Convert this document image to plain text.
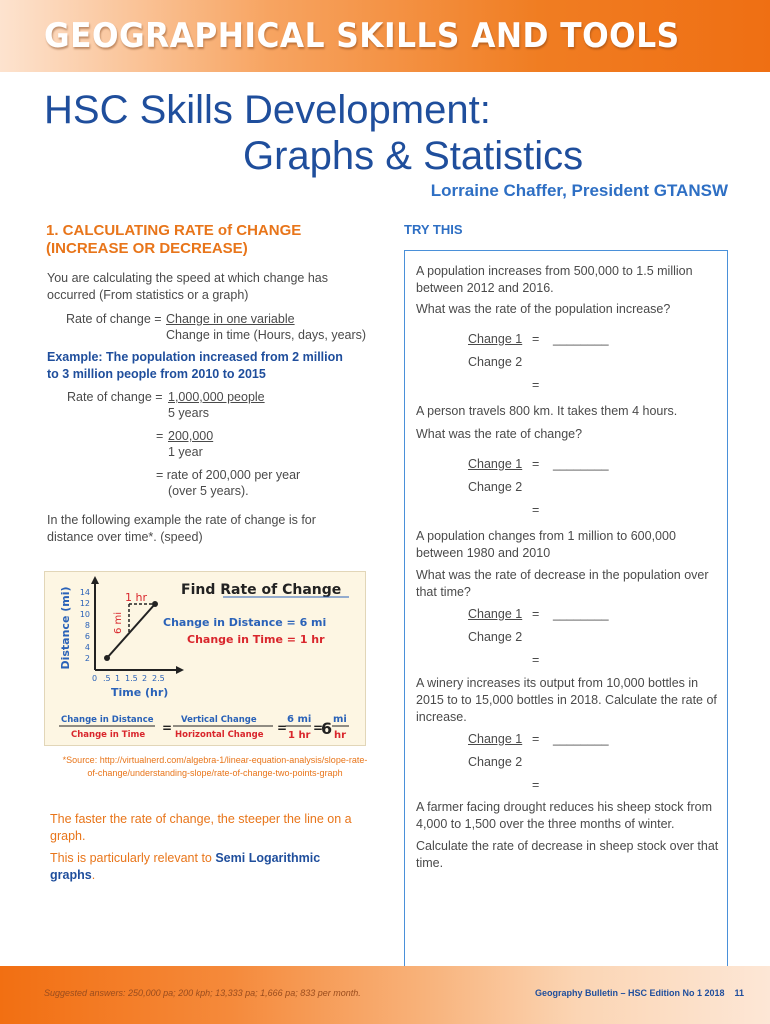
GEOGRAPHICAL SKILLS AND TOOLS
HSC Skills Development:
Graphs & Statistics
Lorraine Chaffer, President GTANSW
1. CALCULATING RATE of CHANGE (INCREASE OR DECREASE)
You are calculating the speed at which change has occurred (From statistics or a graph)
Rate of change = Change in one variable
Change in time (Hours, days, years)
Example: The population increased from 2 million to 3 million people from 2010 to 2015
Rate of change = 1,000,000 people
5 years
= 200,000
1 year
= rate of 200,000 per year
(over 5 years).
In the following example the rate of change is for distance over time*. (speed)
Distance (mi) 14
12
10
8
6
4
2
0 .5 1 1.5 2 2.5
Time (hr)
1 hr
6 mi
Find Rate of Change
Change in Distance = 6 mi
Change in Time = 1 hr
Change in Distance
Change in Time =
Vertical Change
Horizontal Change =
6 mi
1 hr
=
6 mi
hr
*Source: http://virtualnerd.com/algebra-1/linear-equation-analysis/slope-rate-of-change/understanding-slope/rate-of-change-two-points-graph
The faster the rate of change, the steeper the line on a graph.
This is particularly relevant to Semi Logarithmic graphs.
TRY THIS
A population increases from 500,000 to 1.5 million between 2012 and 2016.
What was the rate of the population increase?
Change 1 = ________
Change 2
=
A person travels 800 km. It takes them 4 hours.
What was the rate of change?
Change 1 = ________
Change 2
=
A population changes from 1 million to 600,000 between 1980 and 2010
What was the rate of decrease in the population over that time?
Change 1 = ________
Change 2
=
A winery increases its output from 10,000 bottles in 2015 to to 15,000 bottles in 2018. Calculate the rate of increase.
Change 1 = ________
Change 2
=
A farmer facing drought reduces his sheep stock from 4,000 to 1,500 over the three months of winter.
Calculate the rate of decrease in sheep stock over that time.
Suggested answers: 250,000 pa; 200 kph; 13,333 pa; 1,666 pa; 833 per month.	Geography Bulletin – HSC Edition No 1 2018 11
